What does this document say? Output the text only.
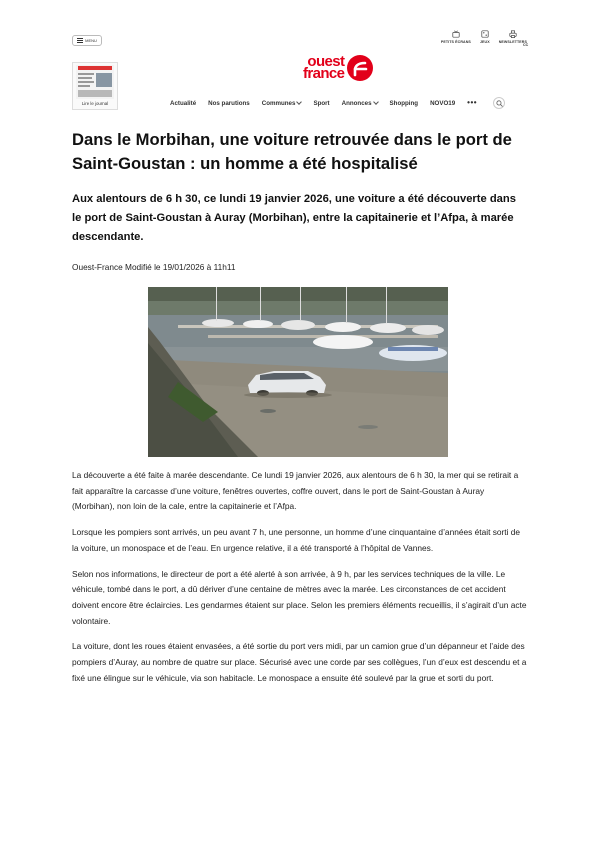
MENU	PETITS ÉCRANS	JEUX	NEWSLETTERS
CC
ouest
france
Lire le journal	Actualité Nos parutions Communes	Sport Annonces	Shopping NOVO19 •••
Dans le Morbihan, une voiture retrouvée dans le port de Saint-Goustan : un homme a été hospitalisé

Aux alentours de 6 h 30, ce lundi 19 janvier 2026, une voiture a été découverte dans le port de Saint-Goustan à Auray (Morbihan), entre la capitainerie et l’Afpa, à marée descendante.

Ouest-France Modifié le 19/01/2026 à 11h11

La découverte a été faite à marée descendante. Ce lundi 19 janvier 2026, aux alentours de 6 h 30, la mer qui se retirait a fait apparaître la carcasse d’une voiture, fenêtres ouvertes, coffre ouvert, dans le port de Saint-Goustan à Auray (Morbihan), non loin de la cale, entre la capitainerie et l’Afpa.

Lorsque les pompiers sont arrivés, un peu avant 7 h, une personne, un homme d’une cinquantaine d’années était sorti de la voiture, un monospace et de l’eau. En urgence relative, il a été transporté à l’hôpital de Vannes.

Selon nos informations, le directeur de port a été alerté à son arrivée, à 9 h, par les services techniques de la ville. Le véhicule, tombé dans le port, a dû dériver d’une centaine de mètres avec la marée. Les circonstances de cet accident doivent encore être éclaircies. Les gendarmes étaient sur place. Selon les premiers éléments recueillis, il s’agirait d’un acte volontaire.

La voiture, dont les roues étaient envasées, a été sortie du port vers midi, par un camion grue d’un dépanneur et l’aide des pompiers d’Auray, au nombre de quatre sur place. Sécurisé avec une corde par ses collègues, l’un d’eux est descendu et a fixé une élingue sur le véhicule, via son habitacle. Le monospace a ensuite été soulevé par la grue et sorti du port.
